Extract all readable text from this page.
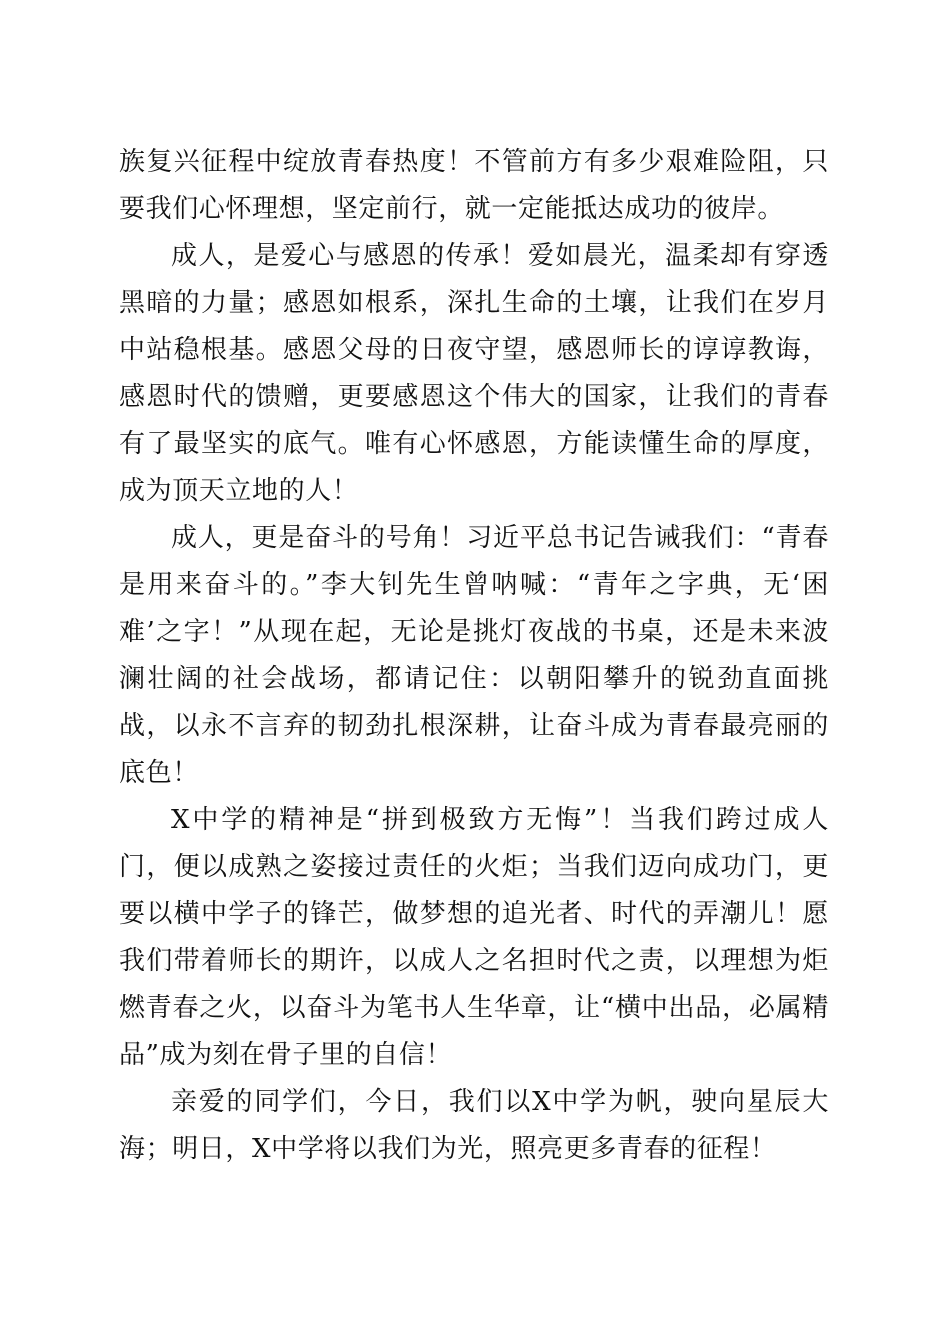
族复兴征程中绽放青春热度！不管前方有多少艰难险阻，只要我们心怀理想，坚定前行，就一定能抵达成功的彼岸。

成人，是爱心与感恩的传承！爱如晨光，温柔却有穿透黑暗的力量；感恩如根系，深扎生命的土壤，让我们在岁月中站稳根基。感恩父母的日夜守望，感恩师长的谆谆教诲，感恩时代的馈赠，更要感恩这个伟大的国家，让我们的青春有了最坚实的底气。唯有心怀感恩，方能读懂生命的厚度，成为顶天立地的人！

成人，更是奋斗的号角！习近平总书记告诫我们：“青春是用来奋斗的。”李大钊先生曾呐喊：“青年之字典，无‘困难’之字！”从现在起，无论是挑灯夜战的书桌，还是未来波澜壮阔的社会战场，都请记住：以朝阳攀升的锐劲直面挑战，以永不言弃的韧劲扎根深耕，让奋斗成为青春最亮丽的底色！

X中学的精神是“拼到极致方无悔”！当我们跨过成人门，便以成熟之姿接过责任的火炬；当我们迈向成功门，更要以横中学子的锋芒，做梦想的追光者、时代的弄潮儿！愿我们带着师长的期许，以成人之名担时代之责，以理想为炬燃青春之火，以奋斗为笔书人生华章，让“横中出品，必属精品”成为刻在骨子里的自信！

亲爱的同学们，今日，我们以X中学为帆，驶向星辰大海；明日，X中学将以我们为光，照亮更多青春的征程！
